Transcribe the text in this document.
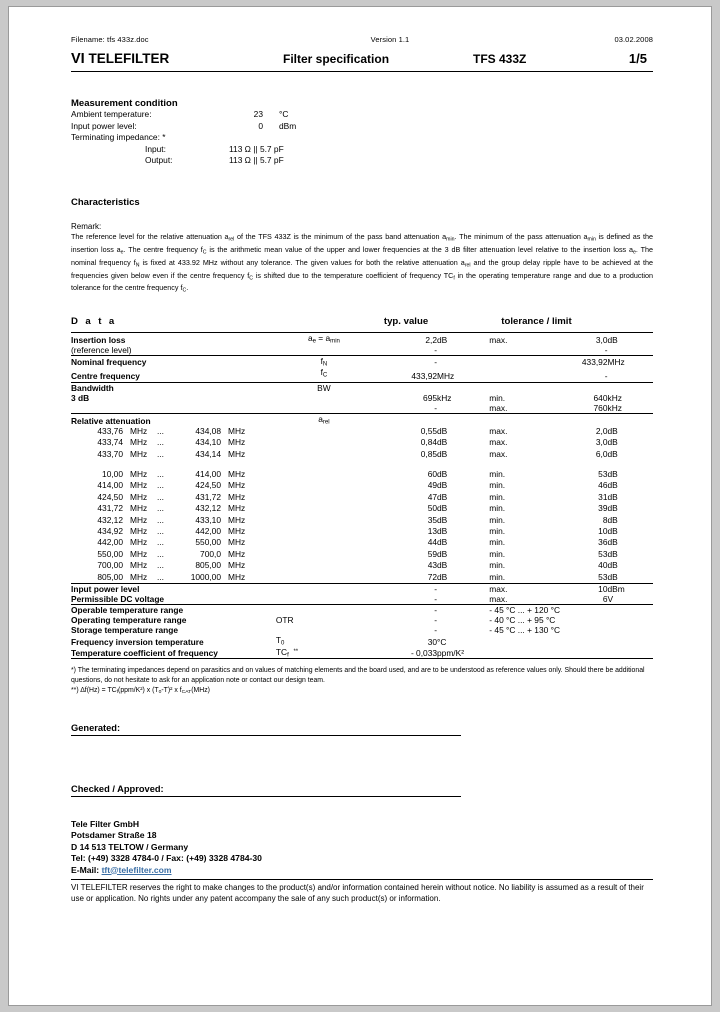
Filename: tfs 433z.doc	Version 1.1	03.02.2008
VI TELEFILTER	Filter specification	TFS 433Z	1/5
Measurement condition
Ambient temperature:	23	°C
Input power level:	0	dBm
Terminating impedance: *
Input:	113 Ω || 5.7 pF
Output:	113 Ω || 5.7 pF
Characteristics
Remark:
The reference level for the relative attenuation $a_{rel}$ of the TFS 433Z is the minimum of the pass band attenuation $a_{min}$. The minimum of the pass attenuation $a_{min}$ is defined as the insertion loss $a_e$. The centre frequency $f_C$ is the arithmetic mean value of the upper and lower frequencies at the 3 dB filter attenuation level relative to the insertion loss $a_e$. The nominal frequency $f_N$ is fixed at 433.92 MHz without any tolerance. The given values for both the relative attenuation $a_{rel}$ and the group delay ripple have to be achieved at the frequencies given below even if the centre frequency $f_C$ is shifted due to the temperature coefficient of frequency $TC_f$ in the operating temperature range and due to a production tolerance for the centre frequency $f_C$.
D a t a		typ. value		tolerance / limit		
Insertion loss	$a_e = a_{min}$	2,2	dB	max.	3,0	dB
(reference level)		-			-	
Nominal frequency	$f_N$	-			433,92	MHz
Centre frequency	$f_C$	433,92	MHz		-	
Bandwidth	BW					
3 dB		695	kHz	min.	640	kHz
		-		max.	760	kHz
Relative attenuation	$a_{rel}$					

433,76 MHz ... 434,08 MHz		0,55	dB	max.	2,0	dB

433,74 MHz ... 434,10 MHz		0,84	dB	max.	3,0	dB

433,70 MHz ... 434,14 MHz		0,85	dB	max.	6,0	dB

10,00 MHz ... 414,00 MHz		60	dB	min.	53	dB

414,00 MHz ... 424,50 MHz		49	dB	min.	46	dB

424,50 MHz ... 431,72 MHz		47	dB	min.	31	dB

431,72 MHz ... 432,12 MHz		50	dB	min.	39	dB

432,12 MHz ... 433,10 MHz		35	dB	min.	8	dB

434,92 MHz ... 442,00 MHz		13	dB	min.	10	dB

442,00 MHz ... 550,00 MHz		44	dB	min.	36	dB

550,00 MHz ... 700,0 MHz		59	dB	min.	53	dB

700,00 MHz ... 805,00 MHz		43	dB	min.	40	dB

805,00 MHz ... 1000,00 MHz		72	dB	min.	53	dB
Input power level		-		max.	10	dBm
Permissible DC voltage		-		max.	6	V
Operable temperature range		-		- 45 °C ... + 120 °C		
Operating temperature range	OTR	-		- 40 °C ... + 95 °C		
Storage temperature range		-		- 45 °C ... + 130 °C		
Frequency inversion temperature	$T_0$	30	°C			
Temperature coefficient of frequency	$TC_f$  **	- 0,033	ppm/K²			

*) The terminating impedances depend on parasitics and on values of matching elements and the board used, and are to be understood as reference values only. Should there be additional questions, do not hesitate to ask for an application note or contact our design team.
**) $\Delta f(Hz) = TC_f(ppm/K^2)$ x $(T_0-T)^2$ x $f_{CAT}(MHz)$
Generated:
Checked / Approved:
Tele Filter GmbH
Potsdamer Straße 18
D 14 513 TELTOW / Germany
Tel: (+49) 3328 4784-0 / Fax: (+49) 3328 4784-30
E-Mail: tft@telefilter.com
VI TELEFILTER reserves the right to make changes to the product(s) and/or information contained herein without notice. No liability is assumed as a result of their use or application. No rights under any patent accompany the sale of any such product(s) or information.
